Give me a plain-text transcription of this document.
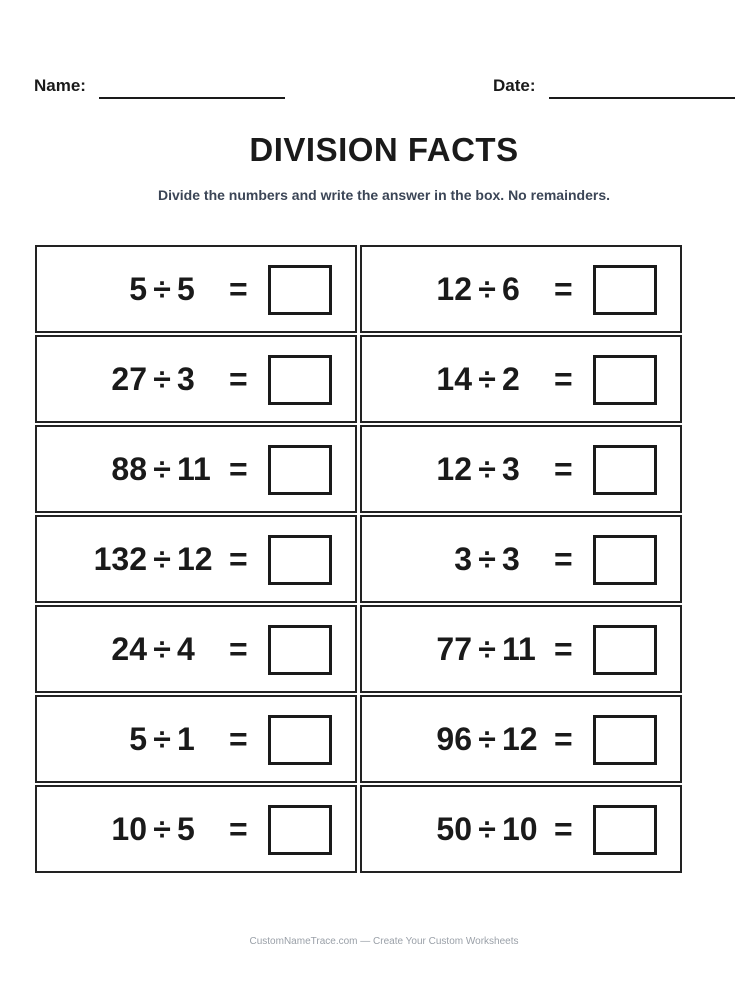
Name:	Date:
DIVISION FACTS
Divide the numbers and write the answer in the box. No remainders.
5 ÷ 5	=	12 ÷ 6	=
27 ÷ 3	=	14 ÷ 2	=
88 ÷ 11 =	12 ÷ 3	=
132 ÷ 12 =	3 ÷ 3	=
24 ÷ 4	=	77 ÷ 11 =
5 ÷ 1	=	96 ÷ 12 =
10 ÷ 5	=	50 ÷ 10 =
CustomNameTrace.com — Create Your Custom Worksheets
